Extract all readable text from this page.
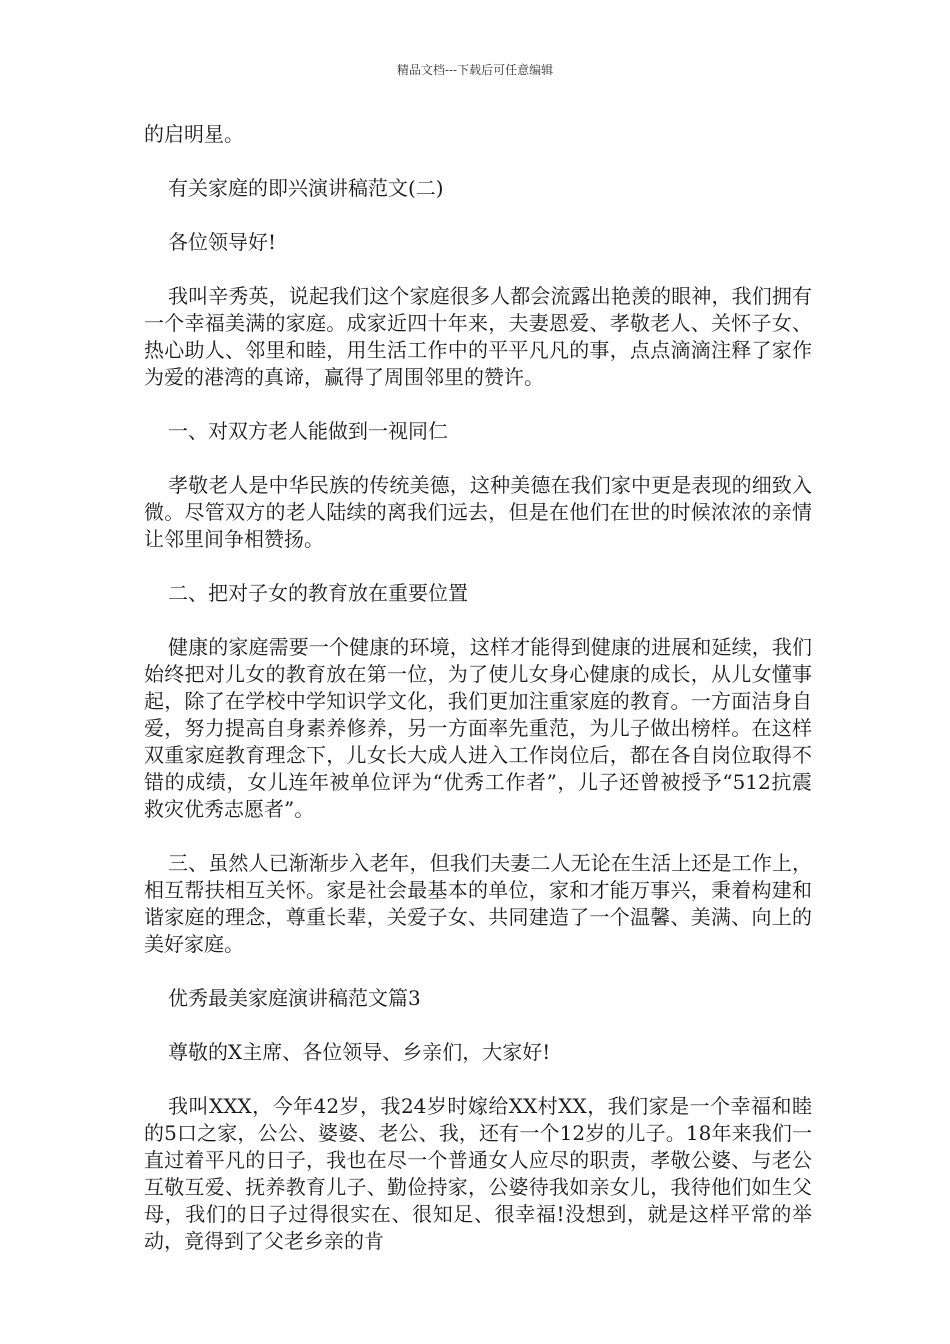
精品文档---下载后可任意编辑

的启明星。

有关家庭的即兴演讲稿范文(二)

各位领导好!

我叫辛秀英，说起我们这个家庭很多人都会流露出艳羡的眼神，我们拥有一个幸福美满的家庭。成家近四十年来，夫妻恩爱、孝敬老人、关怀子女、热心助人、邻里和睦，用生活工作中的平平凡凡的事，点点滴滴注释了家作为爱的港湾的真谛，赢得了周围邻里的赞许。

一、对双方老人能做到一视同仁

孝敬老人是中华民族的传统美德，这种美德在我们家中更是表现的细致入微。尽管双方的老人陆续的离我们远去，但是在他们在世的时候浓浓的亲情让邻里间争相赞扬。

二、把对子女的教育放在重要位置

健康的家庭需要一个健康的环境，这样才能得到健康的进展和延续，我们始终把对儿女的教育放在第一位，为了使儿女身心健康的成长，从儿女懂事起，除了在学校中学知识学文化，我们更加注重家庭的教育。一方面洁身自爱，努力提高自身素养修养，另一方面率先重范，为儿子做出榜样。在这样双重家庭教育理念下，儿女长大成人进入工作岗位后，都在各自岗位取得不错的成绩，女儿连年被单位评为“优秀工作者”，儿子还曾被授予“512抗震救灾优秀志愿者”。

三、虽然人已渐渐步入老年，但我们夫妻二人无论在生活上还是工作上，相互帮扶相互关怀。家是社会最基本的单位，家和才能万事兴，秉着构建和谐家庭的理念，尊重长辈，关爱子女、共同建造了一个温馨、美满、向上的美好家庭。

优秀最美家庭演讲稿范文篇3

尊敬的X主席、各位领导、乡亲们，大家好!

我叫XXX，今年42岁，我24岁时嫁给XX村XX，我们家是一个幸福和睦的5口之家，公公、婆婆、老公、我，还有一个12岁的儿子。18年来我们一直过着平凡的日子，我也在尽一个普通女人应尽的职责，孝敬公婆、与老公互敬互爱、抚养教育儿子、勤俭持家，公婆待我如亲女儿，我待他们如生父母，我们的日子过得很实在、很知足、很幸福!没想到，就是这样平常的举动，竟得到了父老乡亲的肯
